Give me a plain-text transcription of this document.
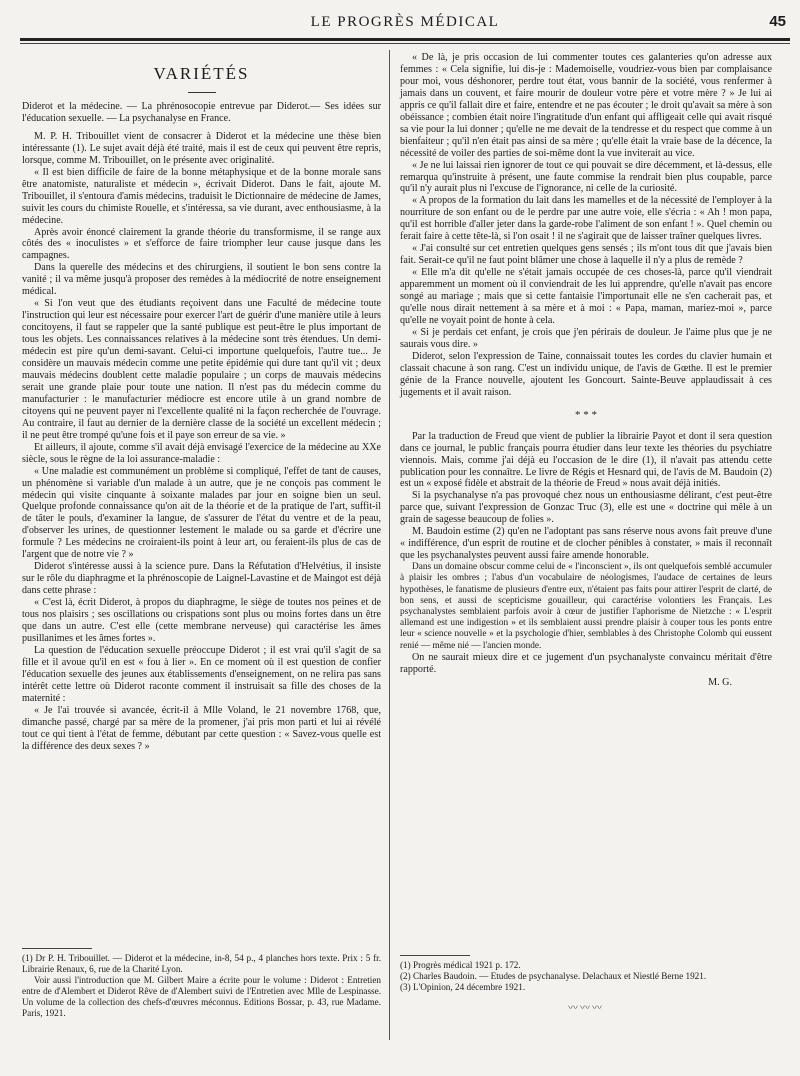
LE PROGRÈS MÉDICAL	45
VARIÉTÉS
Diderot et la médecine. — La phrénosocopie entrevue par Diderot.— Ses idées sur l'éducation sexuelle. — La psychanalyse en France.

M. P. H. Tribouillet vient de consacrer à Diderot et la médecine une thèse bien intéressante (1). Le sujet avait déjà été traité, mais il est de ceux qui peuvent être repris, lorsque, comme M. Tribouillet, on le présente avec originalité.

« Il est bien difficile de faire de la bonne métaphysique et de la bonne morale sans être anatomiste, naturaliste et médecin », écrivait Diderot. Dans le fait, ajoute M. Tribouillet, il s'entoura d'amis médecins, traduisit le Dictionnaire de médecine de James, suivit les cours du chimiste Rouelle, et s'intéressa, sa vie durant, avec enthousiasme, à la médecine.

Après avoir énoncé clairement la grande théorie du transformisme, il se range aux côtés des « inoculistes » et s'efforce de faire triompher leur cause jusque dans les campagnes.

Dans la querelle des médecins et des chirurgiens, il soutient le bon sens contre la vanité ; il va même jusqu'à proposer des remèdes à la médiocrité de notre enseignement médical.

« Si l'on veut que des étudiants reçoivent dans une Faculté de médecine toute l'instruction qui leur est nécessaire pour exercer l'art de guérir d'une manière utile à leurs concitoyens, il faut se rappeler que la santé publique est peut-être le plus important de tous les objets. Les connaissances relatives à la médecine sont très étendues. Un demi-médecin est pire qu'un demi-savant. Celui-ci importune quelquefois, l'autre tue... Je considère un mauvais médecin comme une petite épidémie qui dure tant qu'il vit ; deux mauvais médecins doublent cette maladie populaire ; un corps de mauvais médecins serait une grande plaie pour toute une nation. Il n'est pas du médecin comme du manufacturier : le manufacturier médiocre est encore utile à un grand nombre de citoyens qui ne peuvent payer ni l'excellente qualité ni la façon recherchée de l'ouvrage. Au contraire, il faut au dernier de la dernière classe de la société un excellent médecin ; il ne peut être trompé qu'une fois et il paye son erreur de sa vie. »

Et ailleurs, il ajoute, comme s'il avait déjà envisagé l'exercice de la médecine au XXe siècle, sous le règne de la loi assurance-maladie :

« Une maladie est communément un problème si compliqué, l'effet de tant de causes, un phénomène si variable d'un malade à un autre, que je ne conçois pas comment le médecin qui visite cinquante à soixante malades par jour en soigne bien un seul. Quelque profonde connaissance qu'on ait de la théorie et de la pratique de l'art, suffit-il de tâter le pouls, d'examiner la langue, de s'assurer de l'état du ventre et de la peau, d'observer les urines, de questionner lestement le malade ou sa garde et d'écrire une formule ? Les médecins ne croiraient-ils point à leur art, ou feraient-ils plus de cas de l'argent que de notre vie ? »

Diderot s'intéresse aussi à la science pure. Dans la Réfutation d'Helvétius, il insiste sur le rôle du diaphragme et la phrénoscopie de Laignel-Lavastine et de Maingot est déjà dans cette phrase :

« C'est là, écrit Diderot, à propos du diaphragme, le siège de toutes nos peines et de tous nos plaisirs ; ses oscillations ou crispations sont plus ou moins fortes dans un être que dans un autre. C'est elle (cette membrane nerveuse) qui caractérise les âmes pusillanimes et les âmes fortes ».

La question de l'éducation sexuelle préoccupe Diderot ; il est vrai qu'il s'agit de sa fille et il avoue qu'il en est « fou à lier ». En ce moment où il est question de confier l'éducation sexuelle des jeunes aux établissements d'enseignement, on ne relira pas sans intérêt cette lettre où Diderot raconte comment il instruisait sa fille des choses de la maternité :

« Je l'ai trouvée si avancée, écrit-il à Mlle Voland, le 21 novembre 1768, que, dimanche passé, chargé par sa mère de la promener, j'ai pris mon parti et lui ai révélé tout ce qui tient à l'état de femme, débutant par cette question : « Savez-vous quelle est la différence des deux sexes ? »

(1) Dr P. H. Tribouillet. — Diderot et la médecine, in-8, 54 p., 4 planches hors texte. Prix : 5 fr. Librairie Renaux, 6, rue de la Charité Lyon.
Voir aussi l'introduction que M. Gilbert Maire a écrite pour le volume : Diderot : Entretien entre de d'Alembert et Diderot Rêve de d'Alembert suivi de l'Entretien avec Mlle de Lespinasse. Un volume de la collection des chefs-d'œuvres méconnus. Editions Bossar, p. 43, rue Madame. Paris, 1921.

« De là, je pris occasion de lui commenter toutes ces galanteries qu'on adresse aux femmes : « Cela signifie, lui dis-je : Mademoiselle, voudriez-vous bien par complaisance pour moi, vous déshonorer, perdre tout état, vous bannir de la société, vous renfermer à jamais dans un couvent, et faire mourir de douleur votre père et votre mère ? » Je lui ai appris ce qu'il fallait dire et faire, entendre et ne pas écouter ; le droit qu'avait sa mère à son obéissance ; combien était noire l'ingratitude d'un enfant qui affligeait celle qui avait risqué sa vie pour la lui donner ; qu'elle ne me devait de la tendresse et du respect que comme à un bienfaiteur ; qu'il n'en était pas ainsi de sa mère ; qu'elle était la vraie base de la décence, la nécessité de voiler des parties de soi-même dont la vue inviterait au vice.

« Je ne lui laissai rien ignorer de tout ce qui pouvait se dire décemment, et là-dessus, elle remarqua qu'instruite à présent, une faute commise la rendrait bien plus coupable, parce qu'il n'y aurait plus ni l'excuse de l'ignorance, ni celle de la curiosité.

« A propos de la formation du lait dans les mamelles et de la nécessité de l'employer à la nourriture de son enfant ou de le perdre par une autre voie, elle s'écria : « Ah ! mon papa, qu'il est horrible d'aller jeter dans la garde-robe l'aliment de son enfant ! ». Quel chemin ou ferait faire à cette tête-là, si l'on osait ! il ne s'agirait que de laisser traîner quelques livres.

« J'ai consulté sur cet entretien quelques gens sensés ; ils m'ont tous dit que j'avais bien fait. Serait-ce qu'il ne faut point blâmer une chose à laquelle il n'y a plus de remède ?

« Elle m'a dit qu'elle ne s'était jamais occupée de ces choses-là, parce qu'il viendrait apparemment un moment où il conviendrait de les lui apprendre, qu'elle n'avait pas encore songé au mariage ; mais que si cette fantaisie l'importunait elle ne s'en cacherait pas, et qu'elle nous dirait nettement à sa mère et à moi : « Papa, maman, mariez-moi », parce qu'elle ne voyait point de honte à cela.

« Si je perdais cet enfant, je crois que j'en périrais de douleur. Je l'aime plus que je ne saurais vous dire. »

Diderot, selon l'expression de Taine, connaissait toutes les cordes du clavier humain et classait chacune à son rang. C'est un individu unique, de l'avis de Gœthe. Il est le premier génie de la France nouvelle, ajoutent les Goncourt. Sainte-Beuve applaudissait à ces jugements et il avait raison.

* * *

Par la traduction de Freud que vient de publier la librairie Payot et dont il sera question dans ce journal, le public français pourra étudier dans leur texte les théories du psychiatre viennois. Mais, comme j'ai déjà eu l'occasion de le dire (1), il n'avait pas attendu cette publication pour les connaître. Le livre de Régis et Hesnard qui, de l'avis de M. Baudoin (2) est un « exposé fidèle et abstrait de la théorie de Freud » nous avait déjà initiés.

Si la psychanalyse n'a pas provoqué chez nous un enthousiasme délirant, c'est peut-être parce que, suivant l'expression de Gonzac Truc (3), elle est une « doctrine qui mêle à un grain de sagesse beaucoup de folies ».

M. Baudoin estime (2) qu'en ne l'adoptant pas sans réserve nous avons fait preuve d'une « indifférence, d'un esprit de routine et de clocher pénibles à constater, » mais il reconnaît que les psychanalystes peuvent aussi faire amende honorable.

Dans un domaine obscur comme celui de « l'inconscient », ils ont quelquefois semblé accumuler à plaisir les ombres ; l'abus d'un vocabulaire de néologismes, l'audace de certaines de leurs hypothèses, le fanatisme de plusieurs d'entre eux, n'étaient pas faits pour attirer l'esprit de clarté, de bon sens, et aussi de scepticisme gouailleur, qui caractérise volontiers les Français. Les psychanalystes semblaient parfois avoir à cœur de justifier l'aphorisme de Nietzche : « L'esprit allemand est une indigestion » et ils semblaient aussi prendre plaisir à couper tous les ponts entre leur « science nouvelle » et la psychologie d'hier, semblables à des Christophe Colomb qui eussent renié — même nié — l'ancien monde.

On ne saurait mieux dire et ce jugement d'un psychanalyste convaincu méritait d'être rapporté.

M. G.
(1) Progrès médical 1921 p. 172.
(2) Charles Baudoin. — Etudes de psychanalyse. Delachaux et Niestlé Berne 1921.
(3) L'Opinion, 24 décembre 1921.
〰〰〰
